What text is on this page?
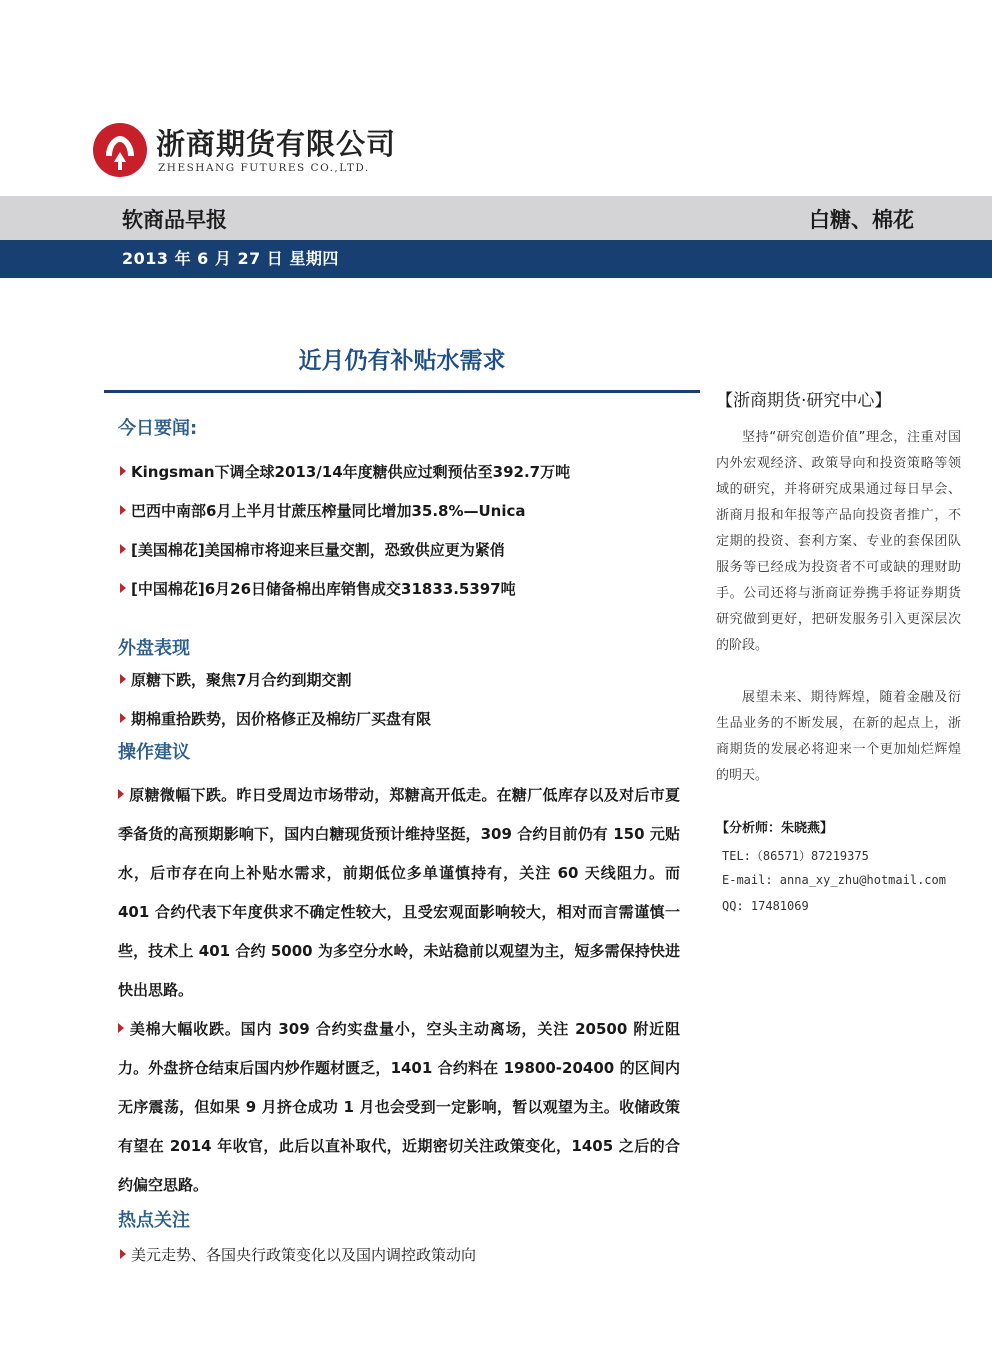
浙商期货有限公司
ZHESHANG FUTURES CO.,LTD.
软商品早报	白糖、棉花
2013 年 6 月 27 日 星期四
近月仍有补贴水需求
今日要闻:
Kingsman下调全球2013/14年度糖供应过剩预估至392.7万吨
巴西中南部6月上半月甘蔗压榨量同比增加35.8%—Unica
[美国棉花]美国棉市将迎来巨量交割，恐致供应更为紧俏
[中国棉花]6月26日储备棉出库销售成交31833.5397吨
外盘表现
原糖下跌，聚焦7月合约到期交割
期棉重拾跌势，因价格修正及棉纺厂买盘有限
操作建议
原糖微幅下跌。昨日受周边市场带动，郑糖高开低走。在糖厂低库存以及对后市夏季备货的高预期影响下，国内白糖现货预计维持坚挺，309 合约目前仍有 150 元贴水，后市存在向上补贴水需求，前期低位多单谨慎持有，关注 60 天线阻力。而 401 合约代表下年度供求不确定性较大，且受宏观面影响较大，相对而言需谨慎一些，技术上 401 合约 5000 为多空分水岭，未站稳前以观望为主，短多需保持快进快出思路。
美棉大幅收跌。国内 309 合约实盘量小，空头主动离场，关注 20500 附近阻力。外盘挤仓结束后国内炒作题材匮乏，1401 合约料在 19800-20400 的区间内无序震荡，但如果 9 月挤仓成功 1 月也会受到一定影响，暂以观望为主。收储政策有望在 2014 年收官，此后以直补取代，近期密切关注政策变化，1405 之后的合约偏空思路。
热点关注
美元走势、各国央行政策变化以及国内调控政策动向
【浙商期货·研究中心】
坚持“研究创造价值”理念，注重对国内外宏观经济、政策导向和投资策略等领域的研究，并将研究成果通过每日早会、浙商月报和年报等产品向投资者推广，不定期的投资、套利方案、专业的套保团队服务等已经成为投资者不可或缺的理财助手。公司还将与浙商证券携手将证券期货研究做到更好，把研发服务引入更深层次的阶段。
展望未来、期待辉煌，随着金融及衍生品业务的不断发展，在新的起点上，浙商期货的发展必将迎来一个更加灿烂辉煌的明天。
【分析师：朱晓燕】
TEL:（86571）87219375
E-mail: anna_xy_zhu@hotmail.com
QQ: 17481069
